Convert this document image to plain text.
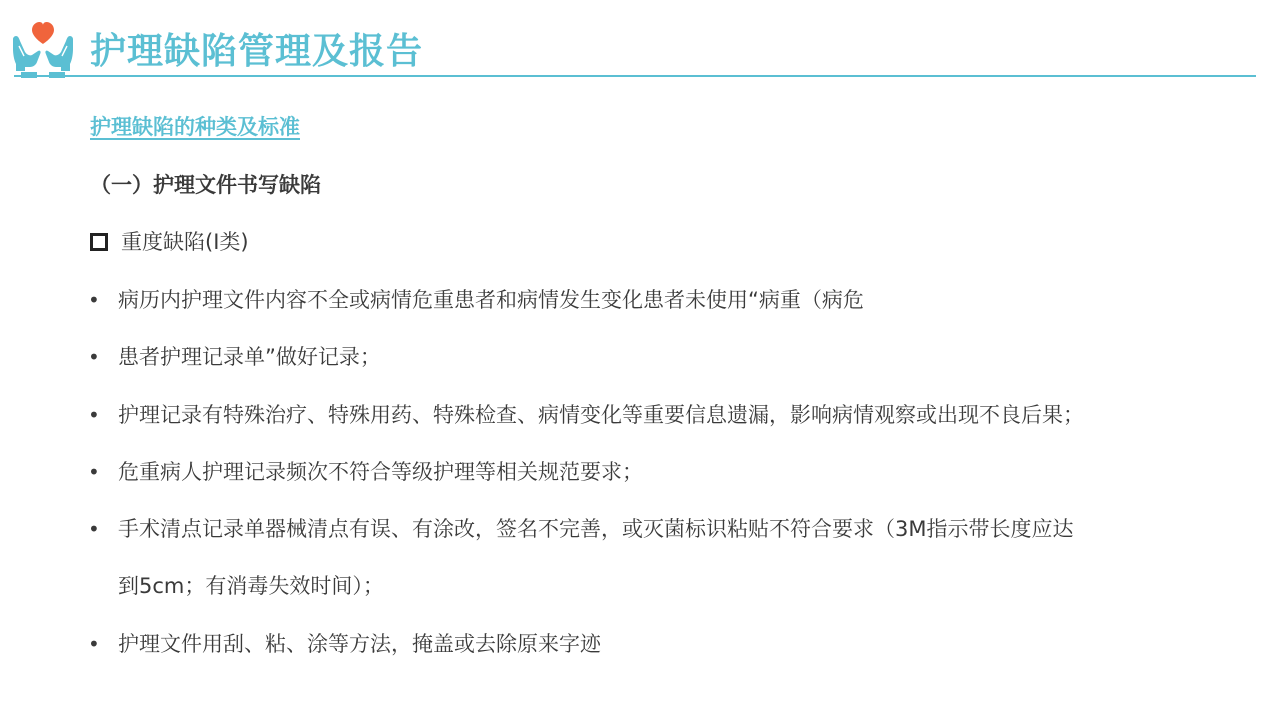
护理缺陷管理及报告
护理缺陷的种类及标准
（一）护理文件书写缺陷
重度缺陷(Ⅰ类)
• 病历内护理文件内容不全或病情危重患者和病情发生变化患者未使用“病重（病危
• 患者护理记录单”做好记录；
• 护理记录有特殊治疗、特殊用药、特殊检查、病情变化等重要信息遗漏，影响病情观察或出现不良后果；
• 危重病人护理记录频次不符合等级护理等相关规范要求；
• 手术清点记录单器械清点有误、有涂改，签名不完善，或灭菌标识粘贴不符合要求（3M指示带长度应达
到5cm；有消毒失效时间）；
• 护理文件用刮、粘、涂等方法，掩盖或去除原来字迹
